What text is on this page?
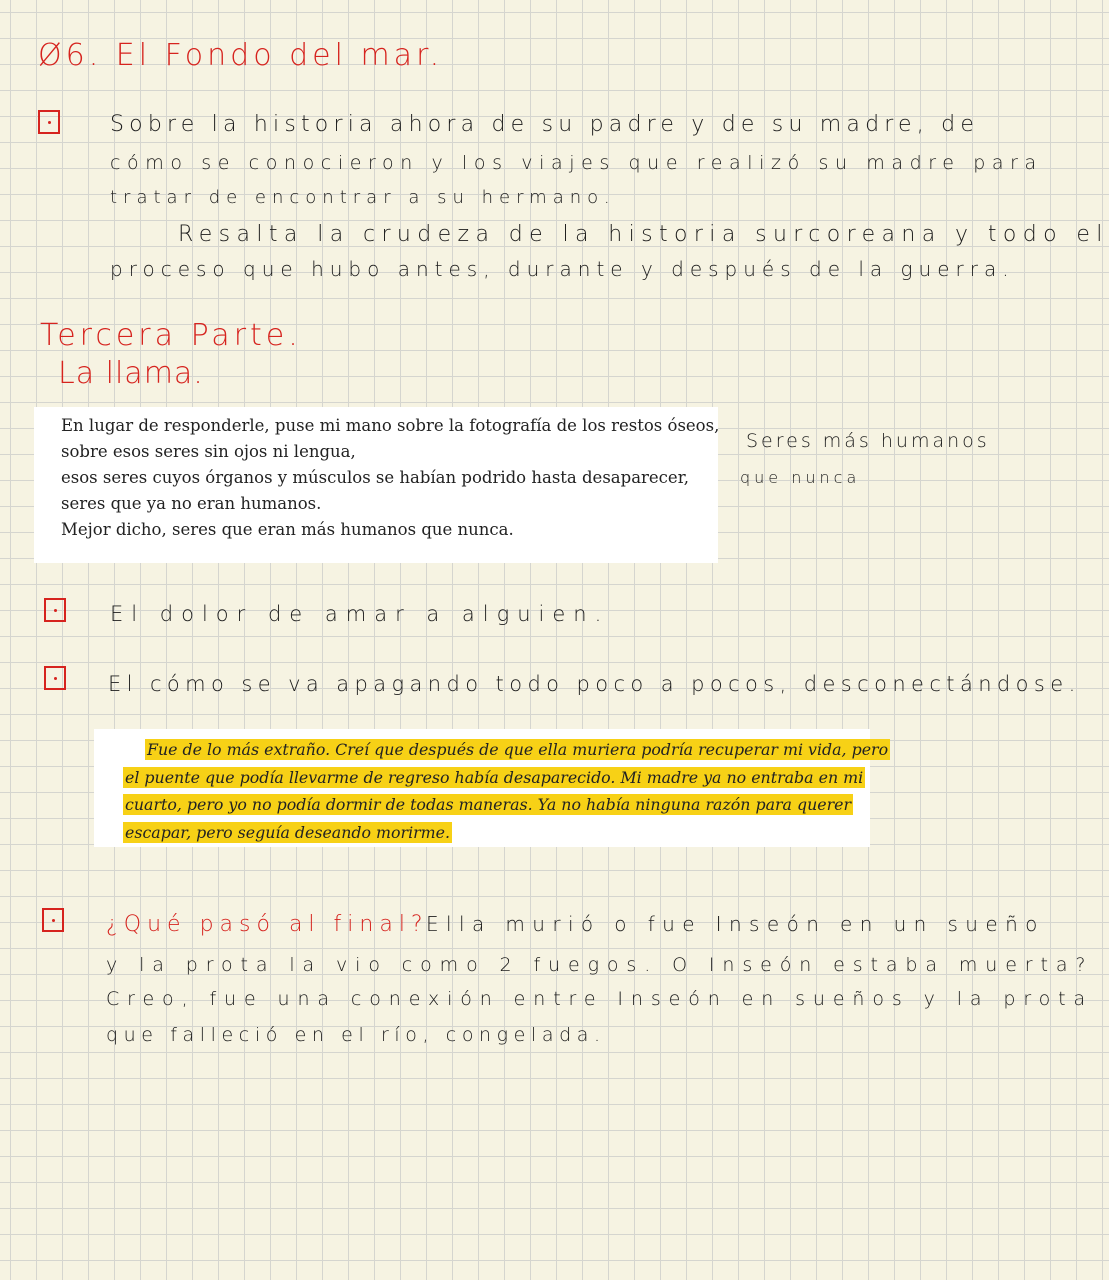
Ø6. El Fondo del mar.
Sobre la historia ahora de su padre y de su madre, de
cómo se conocieron y los viajes que realizó su madre para
tratar de encontrar a su hermano.
Resalta la crudeza de la historia surcoreana y todo el
proceso que hubo antes, durante y después de la guerra.
Tercera Parte.
La llama.
En lugar de responderle, puse mi mano sobre la fotografía de los restos óseos,
sobre esos seres sin ojos ni lengua,
esos seres cuyos órganos y músculos se habían podrido hasta desaparecer,
seres que ya no eran humanos.
Mejor dicho, seres que eran más humanos que nunca.
Seres más humanos
que nunca
El dolor de amar a alguien.
El cómo se va apagando todo poco a pocos, desconectándose.
Fue de lo más extraño. Creí que después de que ella muriera podría recuperar mi vida, pero
el puente que podía llevarme de regreso había desaparecido. Mi madre ya no entraba en mi
cuarto, pero yo no podía dormir de todas maneras. Ya no había ninguna razón para querer
escapar, pero seguía deseando morirme.
¿Qué pasó al final?
Ella murió o fue Inseón en un sueño
y la prota la vio como 2 fuegos. O Inseón estaba muerta?
Creo, fue una conexión entre Inseón en sueños y la prota
que falleció en el río, congelada.
